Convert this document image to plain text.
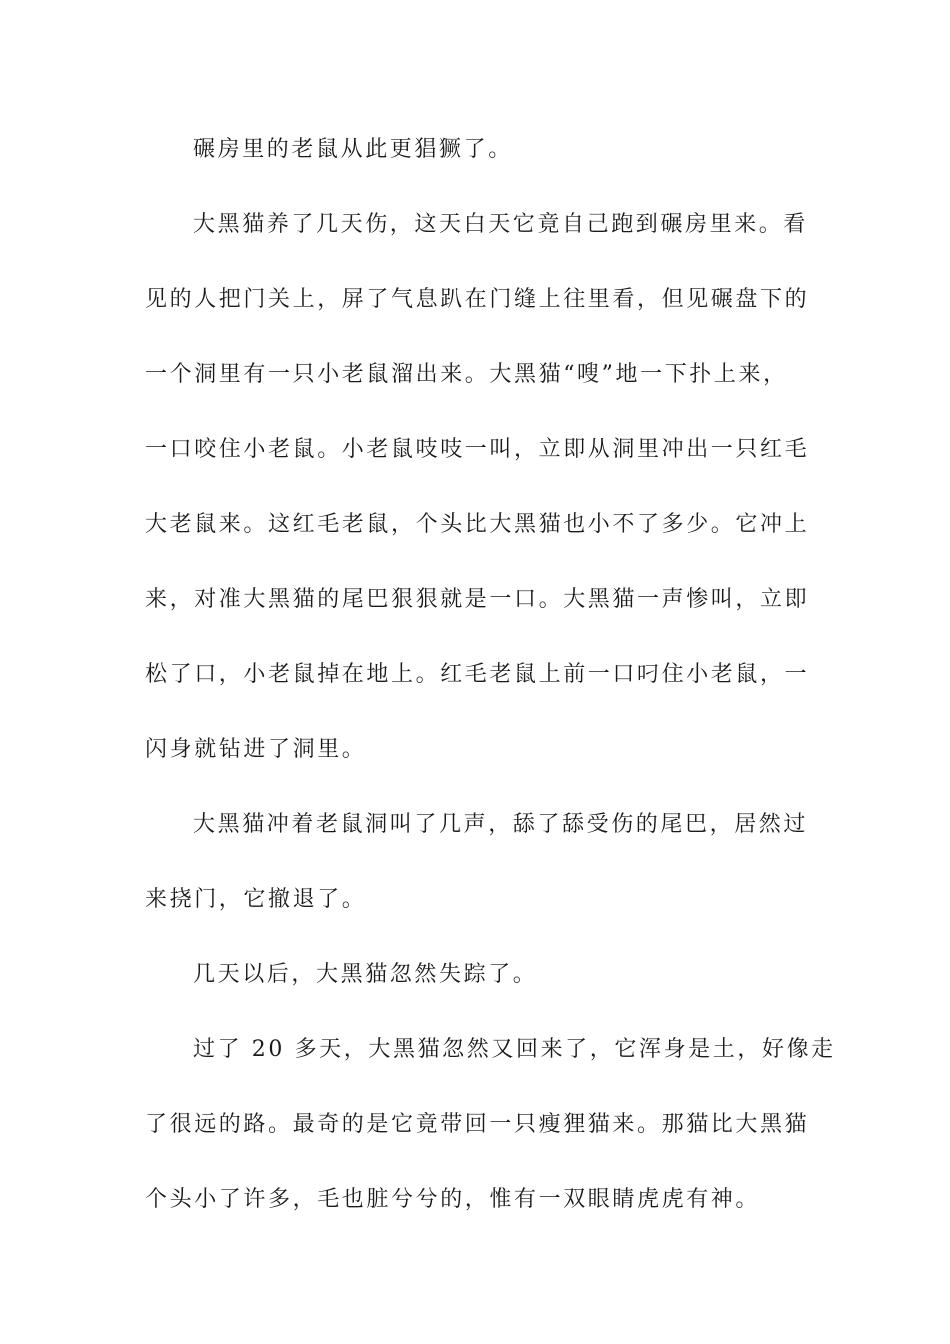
碾房里的老鼠从此更猖獗了。
大黑猫养了几天伤，这天白天它竟自己跑到碾房里来。看
见的人把门关上，屏了气息趴在门缝上往里看，但见碾盘下的
一个洞里有一只小老鼠溜出来。大黑猫“嗖”地一下扑上来，
一口咬住小老鼠。小老鼠吱吱一叫，立即从洞里冲出一只红毛
大老鼠来。这红毛老鼠，个头比大黑猫也小不了多少。它冲上
来，对准大黑猫的尾巴狠狠就是一口。大黑猫一声惨叫，立即
松了口，小老鼠掉在地上。红毛老鼠上前一口叼住小老鼠，一
闪身就钻进了洞里。
大黑猫冲着老鼠洞叫了几声，舔了舔受伤的尾巴，居然过
来挠门，它撤退了。
几天以后，大黑猫忽然失踪了。
过了 20 多天，大黑猫忽然又回来了，它浑身是土，好像走
了很远的路。最奇的是它竟带回一只瘦狸猫来。那猫比大黑猫
个头小了许多，毛也脏兮兮的，惟有一双眼睛虎虎有神。
